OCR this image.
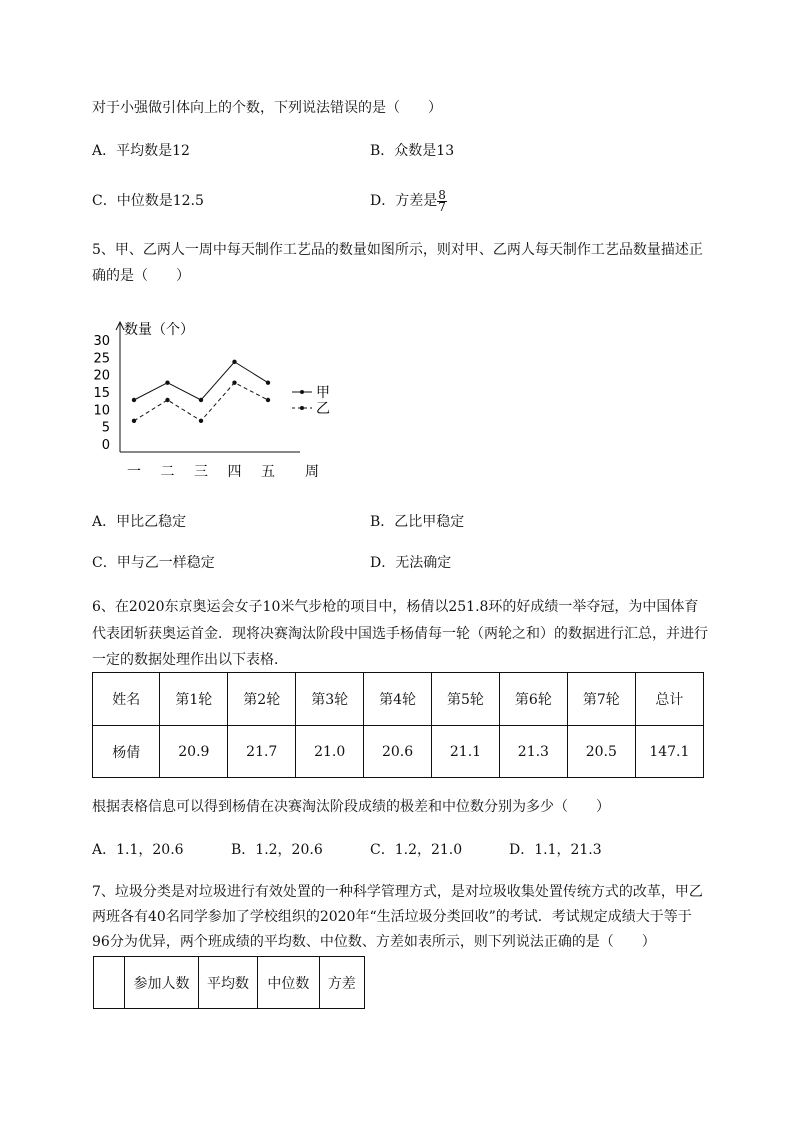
对于小强做引体向上的个数，下列说法错误的是（　　）
A．平均数是12	B．众数是13
C．中位数是12.5	D．方差是 $\frac{8}{7}$
5、甲、乙两人一周中每天制作工艺品的数量如图所示，则对甲、乙两人每天制作工艺品数量描述正
确的是（　　）
数量（个）
周
30
25
20
15
10
5
0
一 二 三 四 五
甲
乙
A．甲比乙稳定	B．乙比甲稳定
C．甲与乙一样稳定	D．无法确定
6、在2020东京奥运会女子10米气步枪的项目中，杨倩以251.8环的好成绩一举夺冠，为中国体育
代表团斩获奥运首金．现将决赛淘汰阶段中国选手杨倩每一轮（两轮之和）的数据进行汇总，并进行
一定的数据处理作出以下表格．
姓名	第1轮	第2轮	第3轮	第4轮	第5轮	第6轮	第7轮	总计
杨倩	20.9	21.7	21.0	20.6	21.1	21.3	20.5	147.1
根据表格信息可以得到杨倩在决赛淘汰阶段成绩的极差和中位数分别为多少（　　）
A．1.1，20.6	B．1.2，20.6	C．1.2，21.0	D．1.1，21.3
7、垃圾分类是对垃圾进行有效处置的一种科学管理方式，是对垃圾收集处置传统方式的改革，甲乙
两班各有40名同学参加了学校组织的2020年“生活垃圾分类回收”的考试．考试规定成绩大于等于
96分为优异，两个班成绩的平均数、中位数、方差如表所示，则下列说法正确的是（　　）
	参加人数	平均数	中位数	方差
